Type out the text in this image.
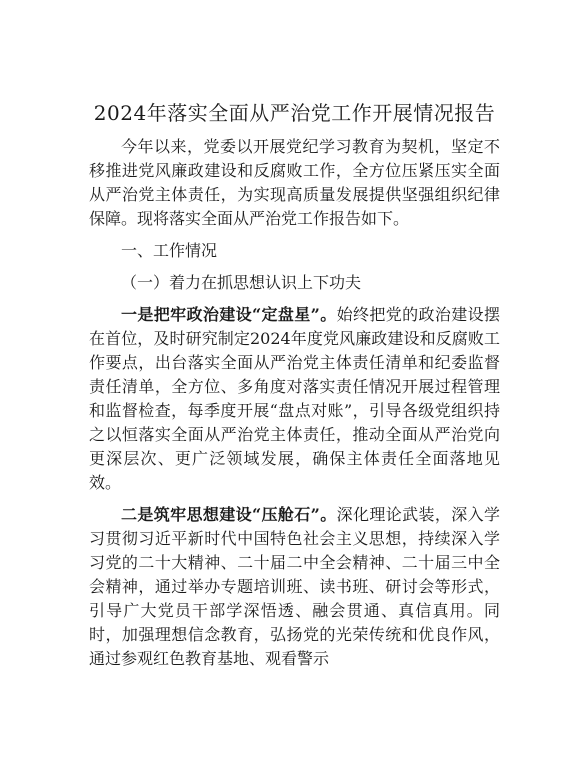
2024年落实全面从严治党工作开展情况报告

今年以来，党委以开展党纪学习教育为契机，坚定不移推进党风廉政建设和反腐败工作，全方位压紧压实全面从严治党主体责任，为实现高质量发展提供坚强组织纪律保障。现将落实全面从严治党工作报告如下。

一、工作情况
（一）着力在抓思想认识上下功夫

一是把牢政治建设“定盘星”。始终把党的政治建设摆在首位，及时研究制定2024年度党风廉政建设和反腐败工作要点，出台落实全面从严治党主体责任清单和纪委监督责任清单，全方位、多角度对落实责任情况开展过程管理和监督检查，每季度开展“盘点对账”，引导各级党组织持之以恒落实全面从严治党主体责任，推动全面从严治党向更深层次、更广泛领域发展，确保主体责任全面落地见效。

二是筑牢思想建设“压舱石”。深化理论武装，深入学习贯彻习近平新时代中国特色社会主义思想，持续深入学习党的二十大精神、二十届二中全会精神、二十届三中全会精神，通过举办专题培训班、读书班、研讨会等形式，引导广大党员干部学深悟透、融会贯通、真信真用。同时，加强理想信念教育，弘扬党的光荣传统和优良作风，通过参观红色教育基地、观看警示
